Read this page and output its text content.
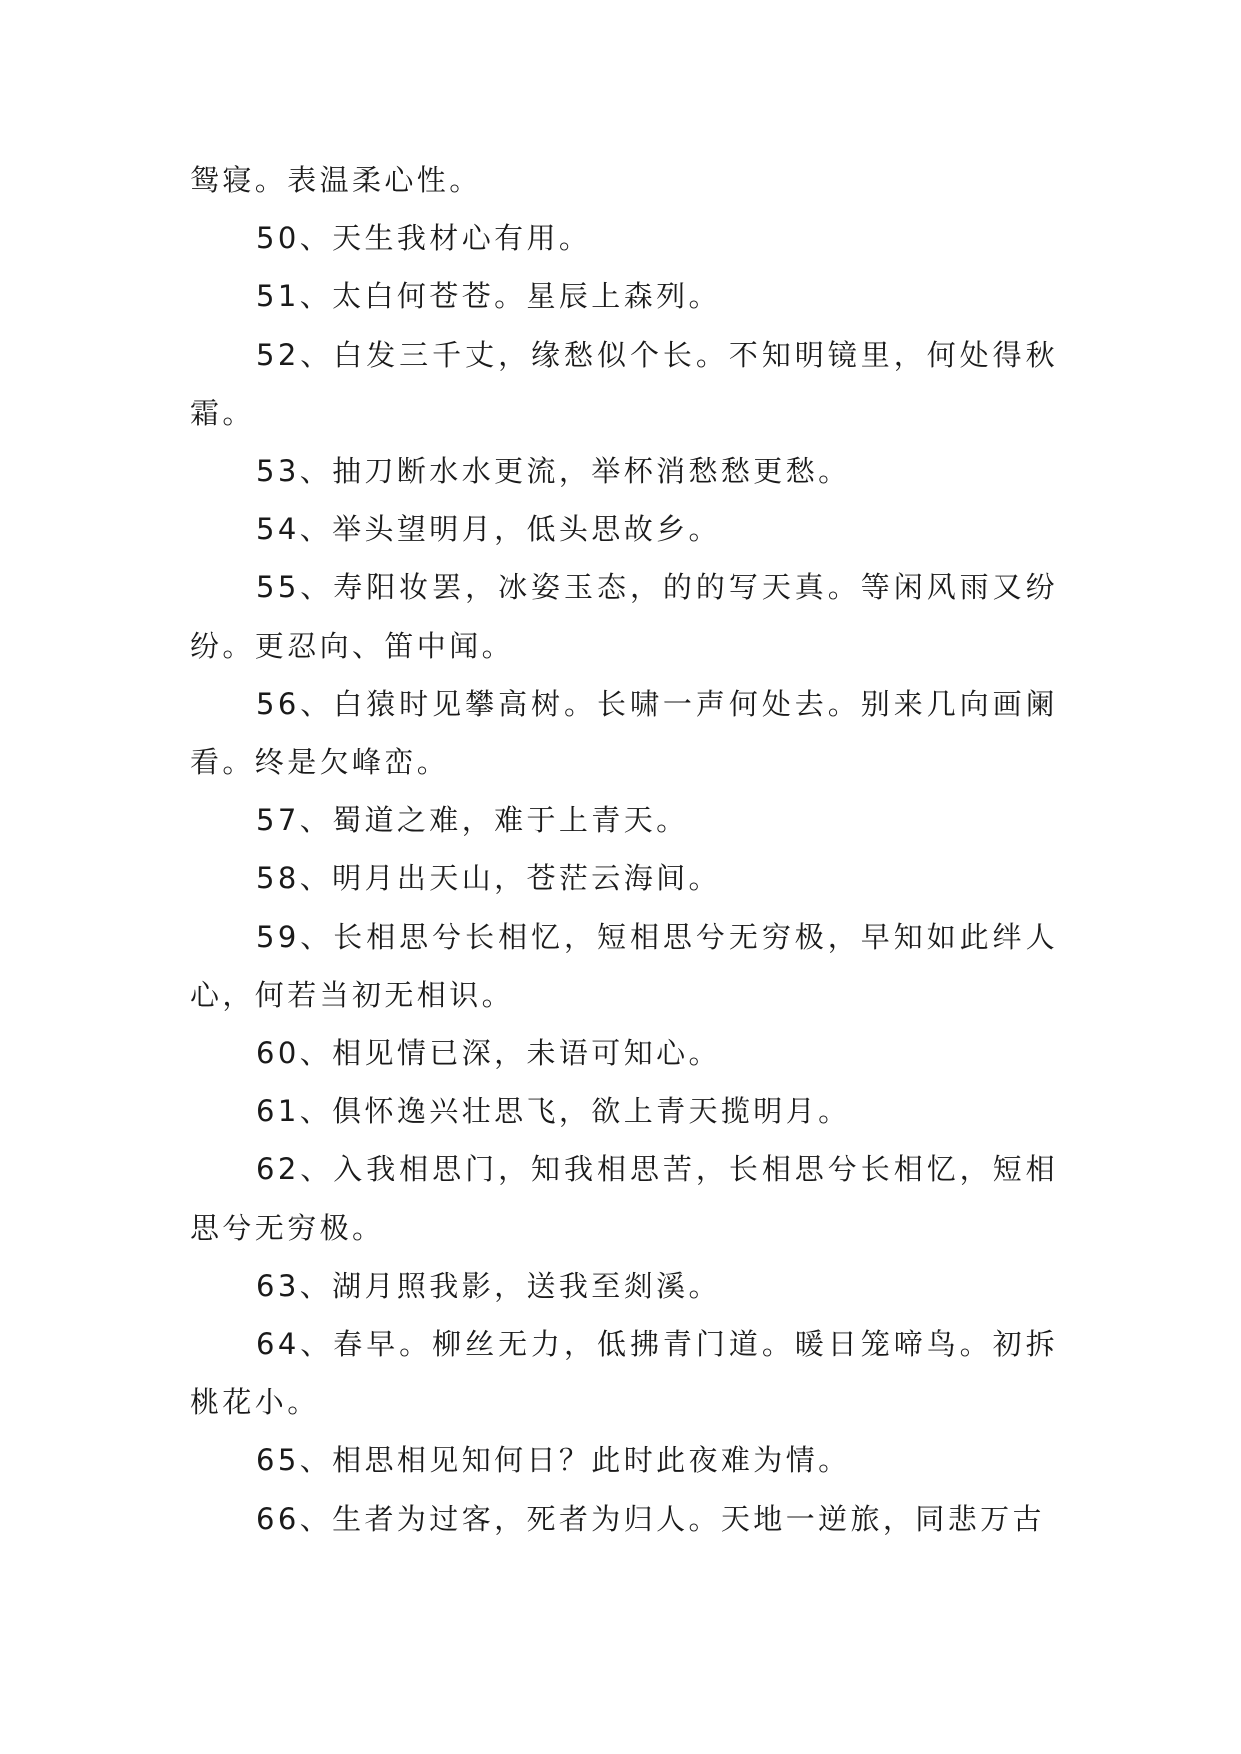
鸳寝。表温柔心性。

50、天生我材心有用。

51、太白何苍苍。星辰上森列。

52、白发三千丈，缘愁似个长。不知明镜里，何处得秋霜。

53、抽刀断水水更流，举杯消愁愁更愁。

54、举头望明月，低头思故乡。

55、寿阳妆罢，冰姿玉态，的的写天真。等闲风雨又纷纷。更忍向、笛中闻。

56、白猿时见攀高树。长啸一声何处去。别来几向画阑看。终是欠峰峦。

57、蜀道之难，难于上青天。

58、明月出天山，苍茫云海间。

59、长相思兮长相忆，短相思兮无穷极，早知如此绊人心，何若当初无相识。

60、相见情已深，未语可知心。

61、俱怀逸兴壮思飞，欲上青天揽明月。

62、入我相思门，知我相思苦，长相思兮长相忆，短相思兮无穷极。

63、湖月照我影，送我至剡溪。

64、春早。柳丝无力，低拂青门道。暖日笼啼鸟。初拆桃花小。

65、相思相见知何日？此时此夜难为情。

66、生者为过客，死者为归人。天地一逆旅，同悲万古
